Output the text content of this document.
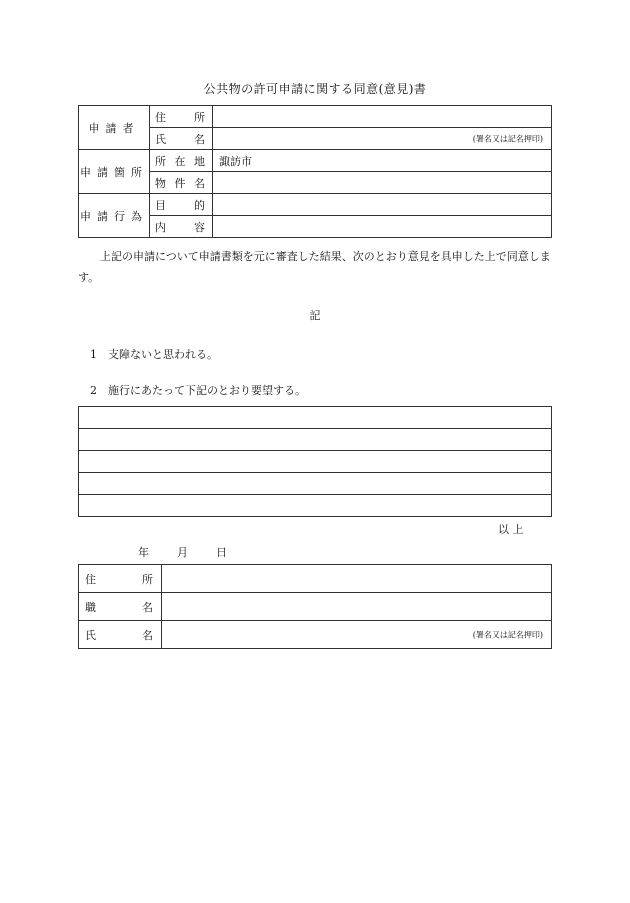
公共物の許可申請に関する同意(意見)書
申請者	住 所	

	氏 名	(署名又は記名押印)

申請箇所	所 在 地	諏訪市

	物 件 名	

申請行為	目 的	

	内 容	

上記の申請について申請書類を元に審査した結果、次のとおり意見を具申した上で同意します。
記
1 支障ないと思われる。
2 施行にあたって下記のとおり要望する。

以 上
年	月	日
住 所	

職 名	

氏 名	(署名又は記名押印)
